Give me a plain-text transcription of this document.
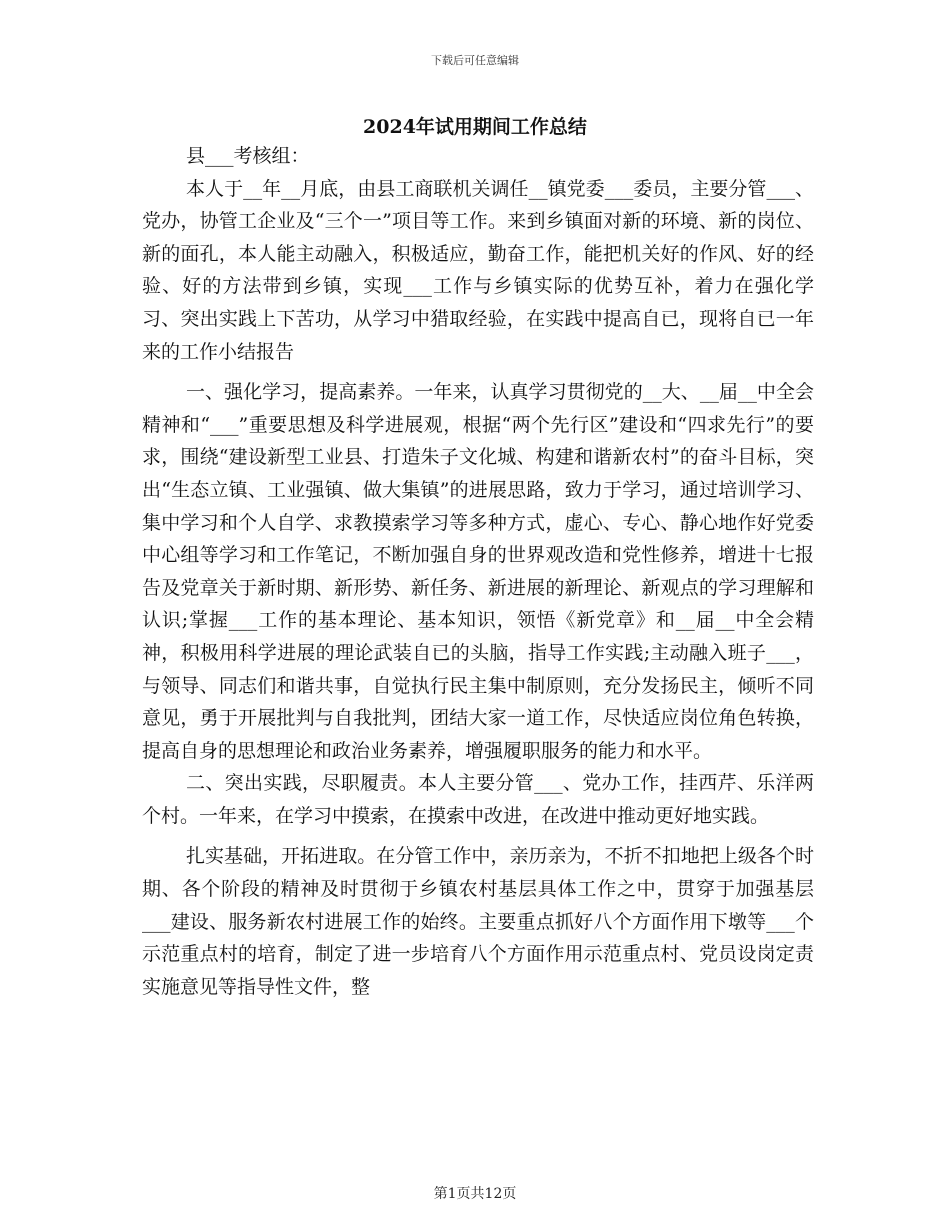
下载后可任意编辑
2024年试用期间工作总结

县___考核组：

本人于__年__月底，由县工商联机关调任__镇党委___委员，主要分管___、党办，协管工企业及“三个一”项目等工作。来到乡镇面对新的环境、新的岗位、新的面孔，本人能主动融入，积极适应，勤奋工作，能把机关好的作风、好的经验、好的方法带到乡镇，实现___工作与乡镇实际的优势互补，着力在强化学习、突出实践上下苦功，从学习中猎取经验，在实践中提高自已，现将自已一年来的工作小结报告

一、强化学习，提高素养。一年来，认真学习贯彻党的__大、__届__中全会精神和“___”重要思想及科学进展观，根据“两个先行区”建设和“四求先行”的要求，围绕“建设新型工业县、打造朱子文化城、构建和谐新农村”的奋斗目标，突出“生态立镇、工业强镇、做大集镇”的进展思路，致力于学习，通过培训学习、集中学习和个人自学、求教摸索学习等多种方式，虚心、专心、静心地作好党委中心组等学习和工作笔记，不断加强自身的世界观改造和党性修养，增进十七报告及党章关于新时期、新形势、新任务、新进展的新理论、新观点的学习理解和认识;掌握___工作的基本理论、基本知识，领悟《新党章》和__届__中全会精神，积极用科学进展的理论武装自已的头脑，指导工作实践;主动融入班子___，与领导、同志们和谐共事，自觉执行民主集中制原则，充分发扬民主，倾听不同意见，勇于开展批判与自我批判，团结大家一道工作，尽快适应岗位角色转换，提高自身的思想理论和政治业务素养，增强履职服务的能力和水平。

二、突出实践，尽职履责。本人主要分管___、党办工作，挂西芹、乐洋两个村。一年来，在学习中摸索，在摸索中改进，在改进中推动更好地实践。

扎实基础，开拓进取。在分管工作中，亲历亲为，不折不扣地把上级各个时期、各个阶段的精神及时贯彻于乡镇农村基层具体工作之中，贯穿于加强基层___建设、服务新农村进展工作的始终。主要重点抓好八个方面作用下墩等___个示范重点村的培育，制定了进一步培育八个方面作用示范重点村、党员设岗定责实施意见等指导性文件，整

第1页共12页
